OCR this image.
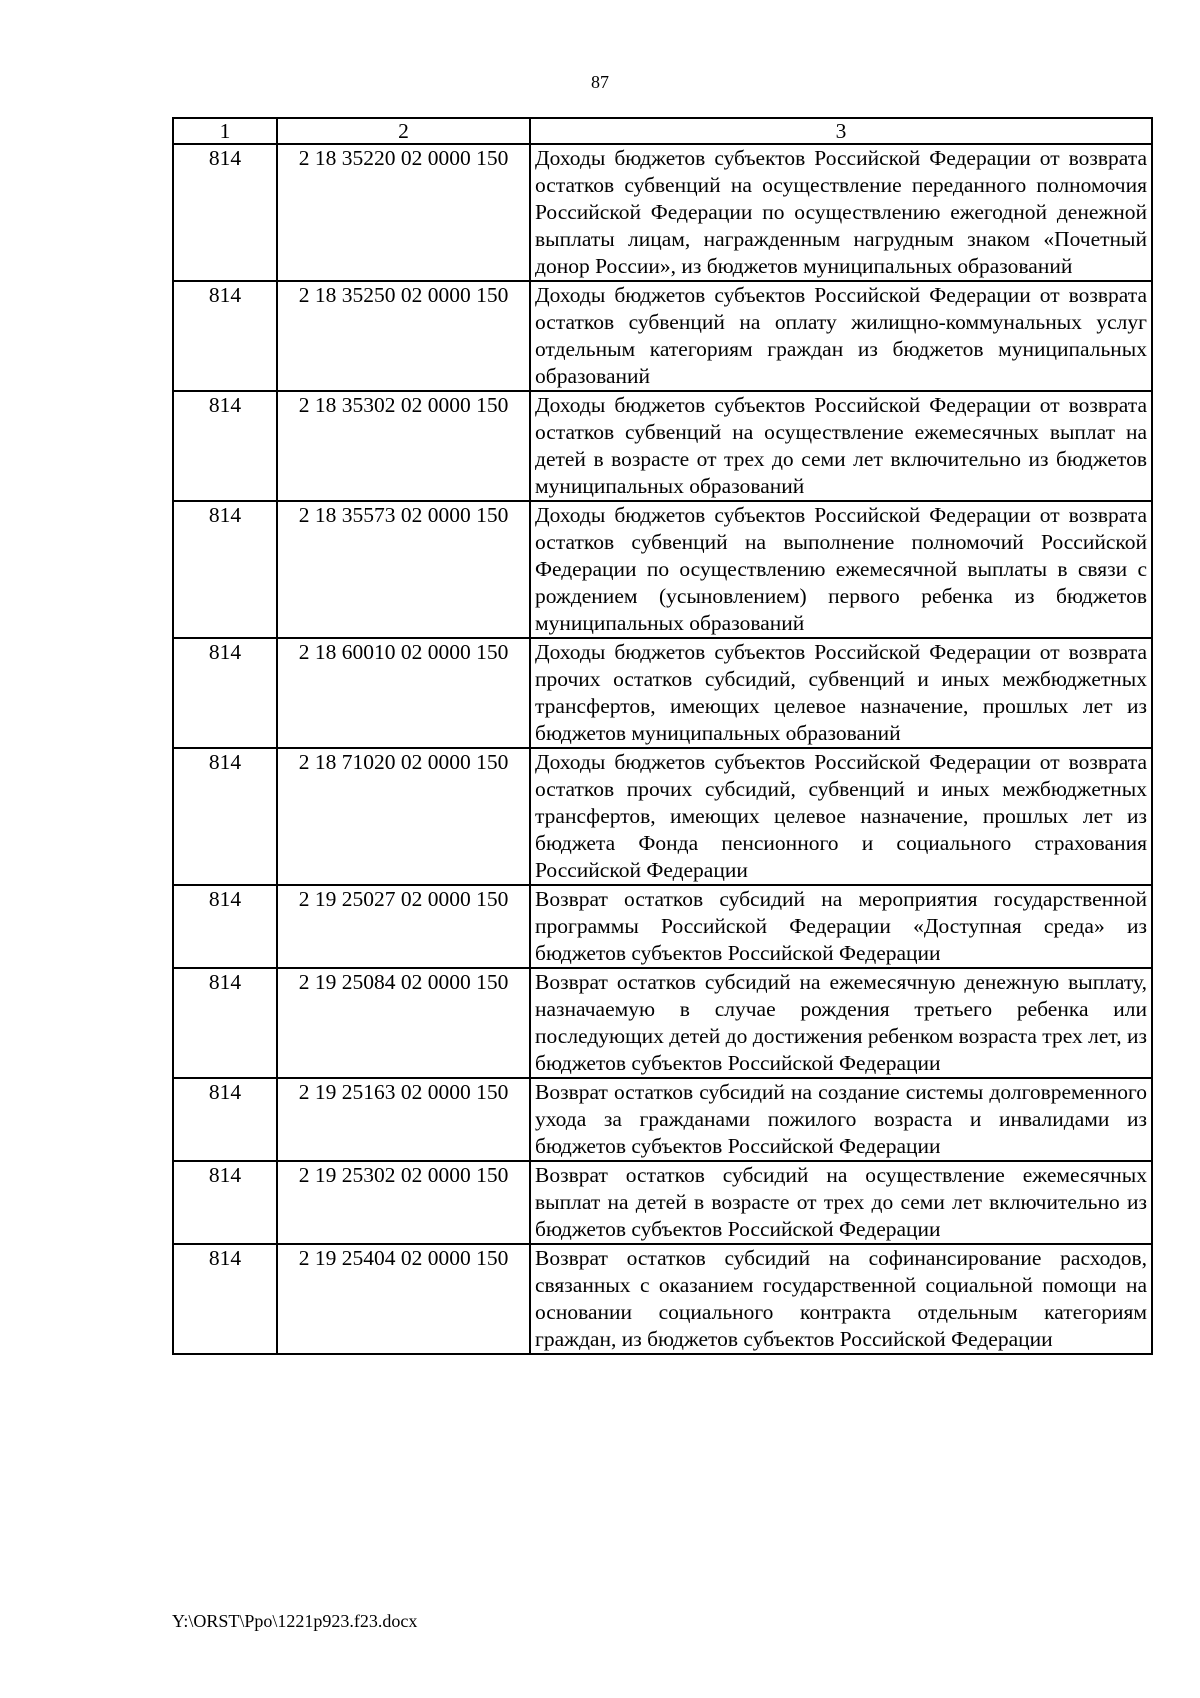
87
1	2	3
814	2 18 35220 02 0000 150	Доходы бюджетов субъектов Российской Федерации от возврата остатков субвенций на осуществление переданного полномочия Российской Федерации по осуществлению ежегодной денежной выплаты лицам, награжденным нагрудным знаком «Почетный донор России», из бюджетов муниципальных образований
814	2 18 35250 02 0000 150	Доходы бюджетов субъектов Российской Федерации от возврата остатков субвенций на оплату жилищно-коммунальных услуг отдельным категориям граждан из бюджетов муниципальных образований
814	2 18 35302 02 0000 150	Доходы бюджетов субъектов Российской Федерации от возврата остатков субвенций на осуществление ежемесячных выплат на детей в возрасте от трех до семи лет включительно из бюджетов муниципальных образований
814	2 18 35573 02 0000 150	Доходы бюджетов субъектов Российской Федерации от возврата остатков субвенций на выполнение полномочий Российской Федерации по осуществлению ежемесячной выплаты в связи с рождением (усыновлением) первого ребенка из бюджетов муниципальных образований
814	2 18 60010 02 0000 150	Доходы бюджетов субъектов Российской Федерации от возврата прочих остатков субсидий, субвенций и иных межбюджетных трансфертов, имеющих целевое назначение, прошлых лет из бюджетов муниципальных образований
814	2 18 71020 02 0000 150	Доходы бюджетов субъектов Российской Федерации от возврата остатков прочих субсидий, субвенций и иных межбюджетных трансфертов, имеющих целевое назначение, прошлых лет из бюджета Фонда пенсионного и социального страхования Российской Федерации
814	2 19 25027 02 0000 150	Возврат остатков субсидий на мероприятия государственной программы Российской Федерации «Доступная среда» из бюджетов субъектов Российской Федерации
814	2 19 25084 02 0000 150	Возврат остатков субсидий на ежемесячную денежную выплату, назначаемую в случае рождения третьего ребенка или последующих детей до достижения ребенком возраста трех лет, из бюджетов субъектов Российской Федерации
814	2 19 25163 02 0000 150	Возврат остатков субсидий на создание системы долговременного ухода за гражданами пожилого возраста и инвалидами из бюджетов субъектов Российской Федерации
814	2 19 25302 02 0000 150	Возврат остатков субсидий на осуществление ежемесячных выплат на детей в возрасте от трех до семи лет включительно из бюджетов субъектов Российской Федерации
814	2 19 25404 02 0000 150	Возврат остатков субсидий на софинансирование расходов, связанных с оказанием государственной социальной помощи на основании социального контракта отдельным категориям граждан, из бюджетов субъектов Российской Федерации
Y:\ORST\Ppo\1221p923.f23.docx
